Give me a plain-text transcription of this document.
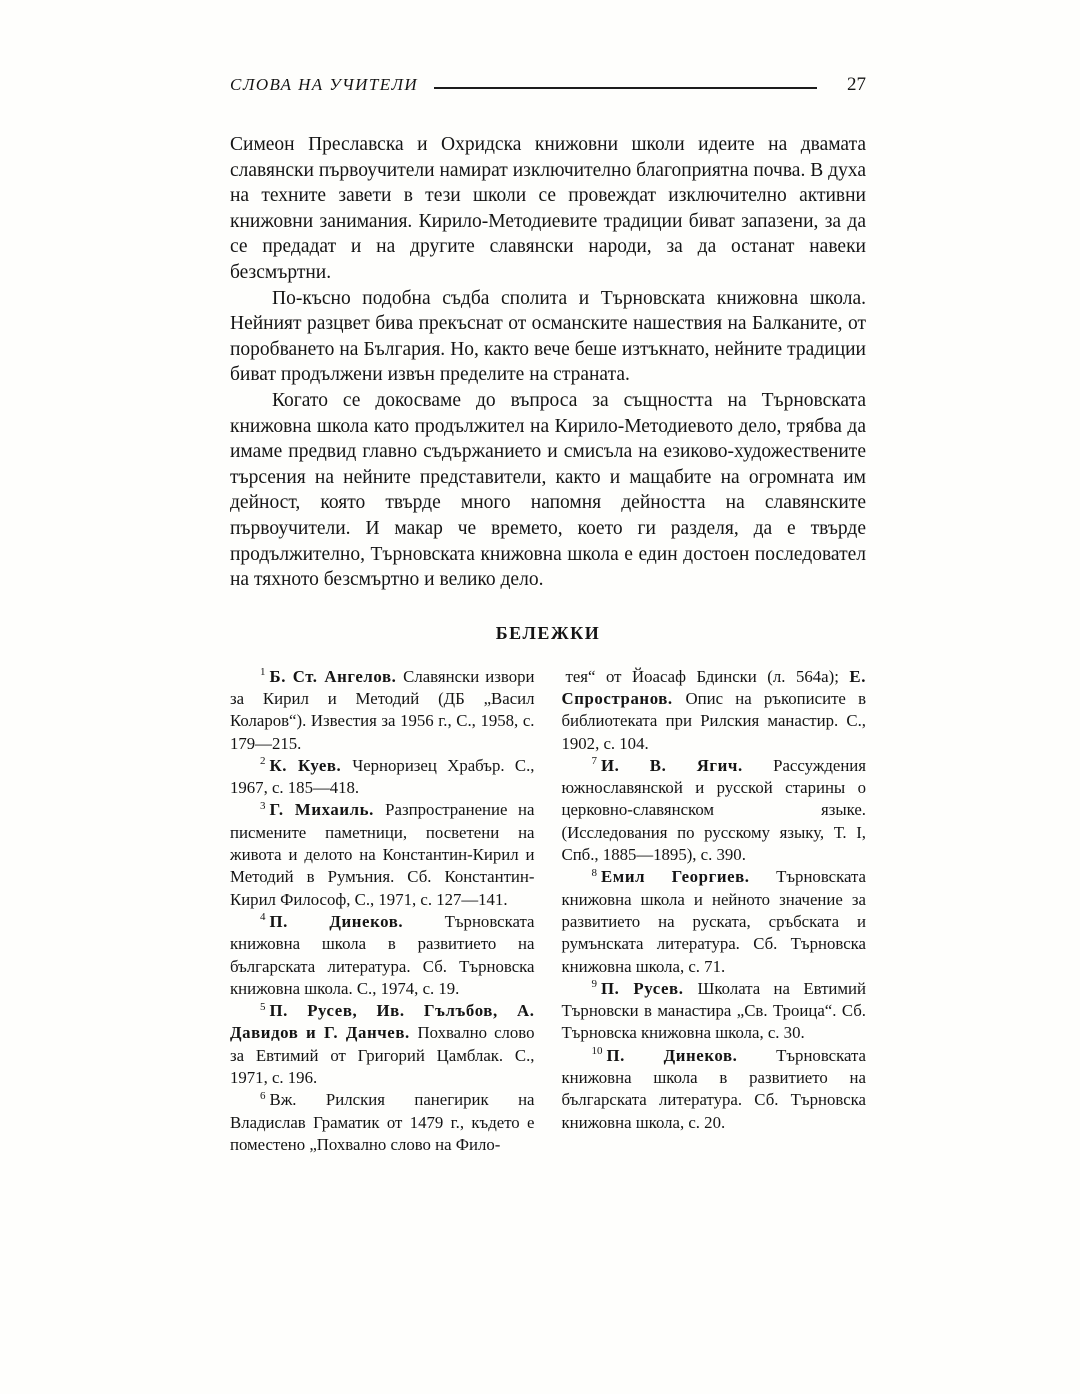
СЛОВА НА УЧИТЕЛИ	27

Симеон Преславска и Охридска книжовни школи идеите на двамата славянски първоучители намират изключително благоприятна почва. В духа на техните завети в тези школи се провеждат изключително активни книжовни занимания. Кирило-Методиевите традиции биват запазени, за да се предадат и на другите славянски народи, за да останат навеки безсмъртни.

По-късно подобна съдба сполита и Търновската книжовна школа. Нейният разцвет бива прекъснат от османските нашествия на Балканите, от поробването на България. Но, както вече беше изтъкнато, нейните традиции биват продължени извън пределите на страната.

Когато се докосваме до въпроса за същността на Търновската книжовна школа като продължител на Кирило-Методиевото дело, трябва да имаме предвид главно съдържанието и смисъла на езиково-художествените търсения на нейните представители, както и мащабите на огромната им дейност, която твърде много напомня дейността на славянските първоучители. И макар че времето, което ги разделя, да е твърде продължително, Търновската книжовна школа е един достоен последовател на тяхното безсмъртно и велико дело.

БЕЛЕЖКИ

$^1$ Б. Ст. Ангелов. Славянски извори за Кирил и Методий (ДБ „Васил Коларов“). Известия за 1956 г., С., 1958, с. 179—215.

$^2$ К. Куев. Черноризец Храбър. С., 1967, с. 185—418.

$^3$ Г. Михаиль. Разпространение на писмените паметници, посветени на живота и делото на Константин-Кирил и Методий в Румъния. Сб. Константин-Кирил Философ, С., 1971, с. 127—141.

$^4$ П. Динеков. Търновската книжовна школа в развитието на българската литература. Сб. Търновска книжовна школа. С., 1974, с. 19.

$^5$ П. Русев, Ив. Гълъбов, А. Давидов и Г. Данчев. Похвално слово за Евтимий от Григорий Цамблак. С., 1971, с. 196.

$^6$ Вж. Рилския панегирик на Владислав Граматик от 1479 г., където е поместено „Похвално слово на Фило-

тея“ от Йоасаф Бдински (л. 564а); Е. Спространов. Опис на ръкописите в библиотеката при Рилския манастир. С., 1902, с. 104.

$^7$ И. В. Ягич. Рассуждения южнославянской и русской старины о церковно-славянском языке. (Исследования по русскому языку, Т. I, Спб., 1885—1895), с. 390.

$^8$ Емил Георгиев. Търновската книжовна школа и нейното значение за развитието на руската, сръбската и румънската литература. Сб. Търновска книжовна школа, с. 71.

$^9$ П. Русев. Школата на Евтимий Търновски в манастира „Св. Троица“. Сб. Търновска книжовна школа, с. 30.

$^{10}$ П. Динеков. Търновската книжовна школа в развитието на българската литература. Сб. Търновска книжовна школа, с. 20.
